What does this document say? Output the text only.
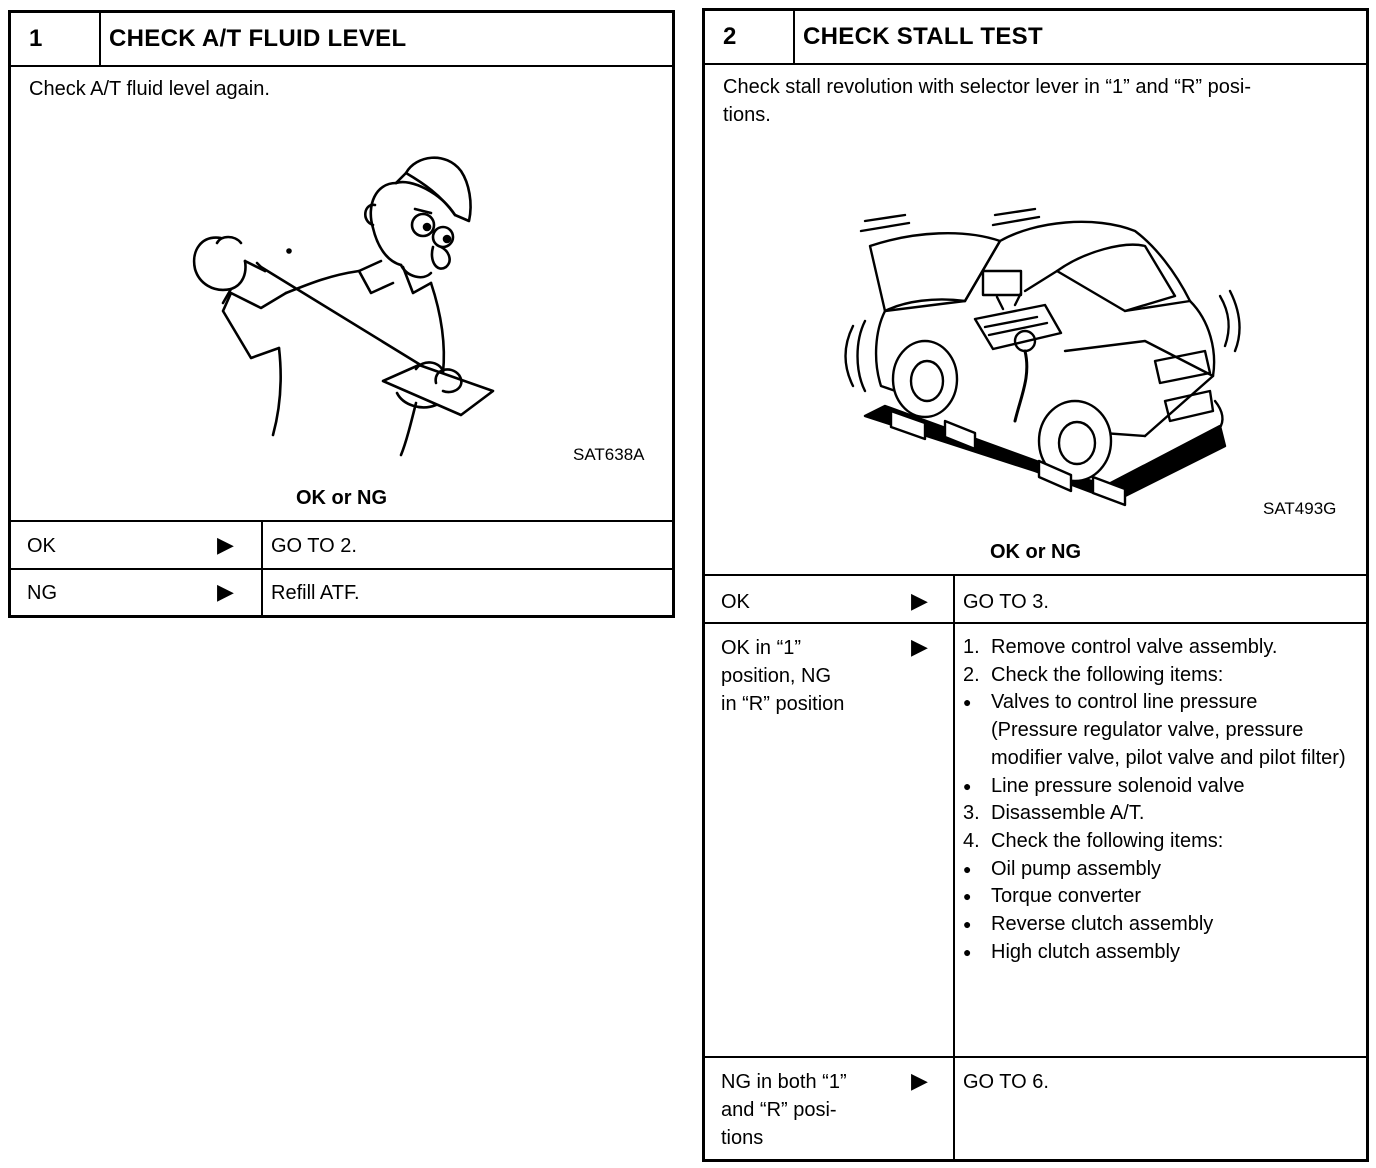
1	CHECK A/T FLUID LEVEL
Check A/T fluid level again.
SAT638A
OK or NG
OK	▶ GO TO 2.
NG	▶ Refill ATF.
2	CHECK STALL TEST
Check stall revolution with selector lever in “1” and “R” posi-
tions.
SAT493G
OK or NG
OK	▶ GO TO 3.
OK in “1”
position, NG
in “R” position
▶ 1. Remove control valve assembly.
2. Check the following items:
● Valves to control line pressure (Pressure regulator valve, pressure modifier valve, pilot valve and pilot filter)
● Line pressure solenoid valve
3. Disassemble A/T.
4. Check the following items:
● Oil pump assembly
● Torque converter
● Reverse clutch assembly
● High clutch assembly
NG in both “1”
and “R” posi-
tions
▶ GO TO 6.
